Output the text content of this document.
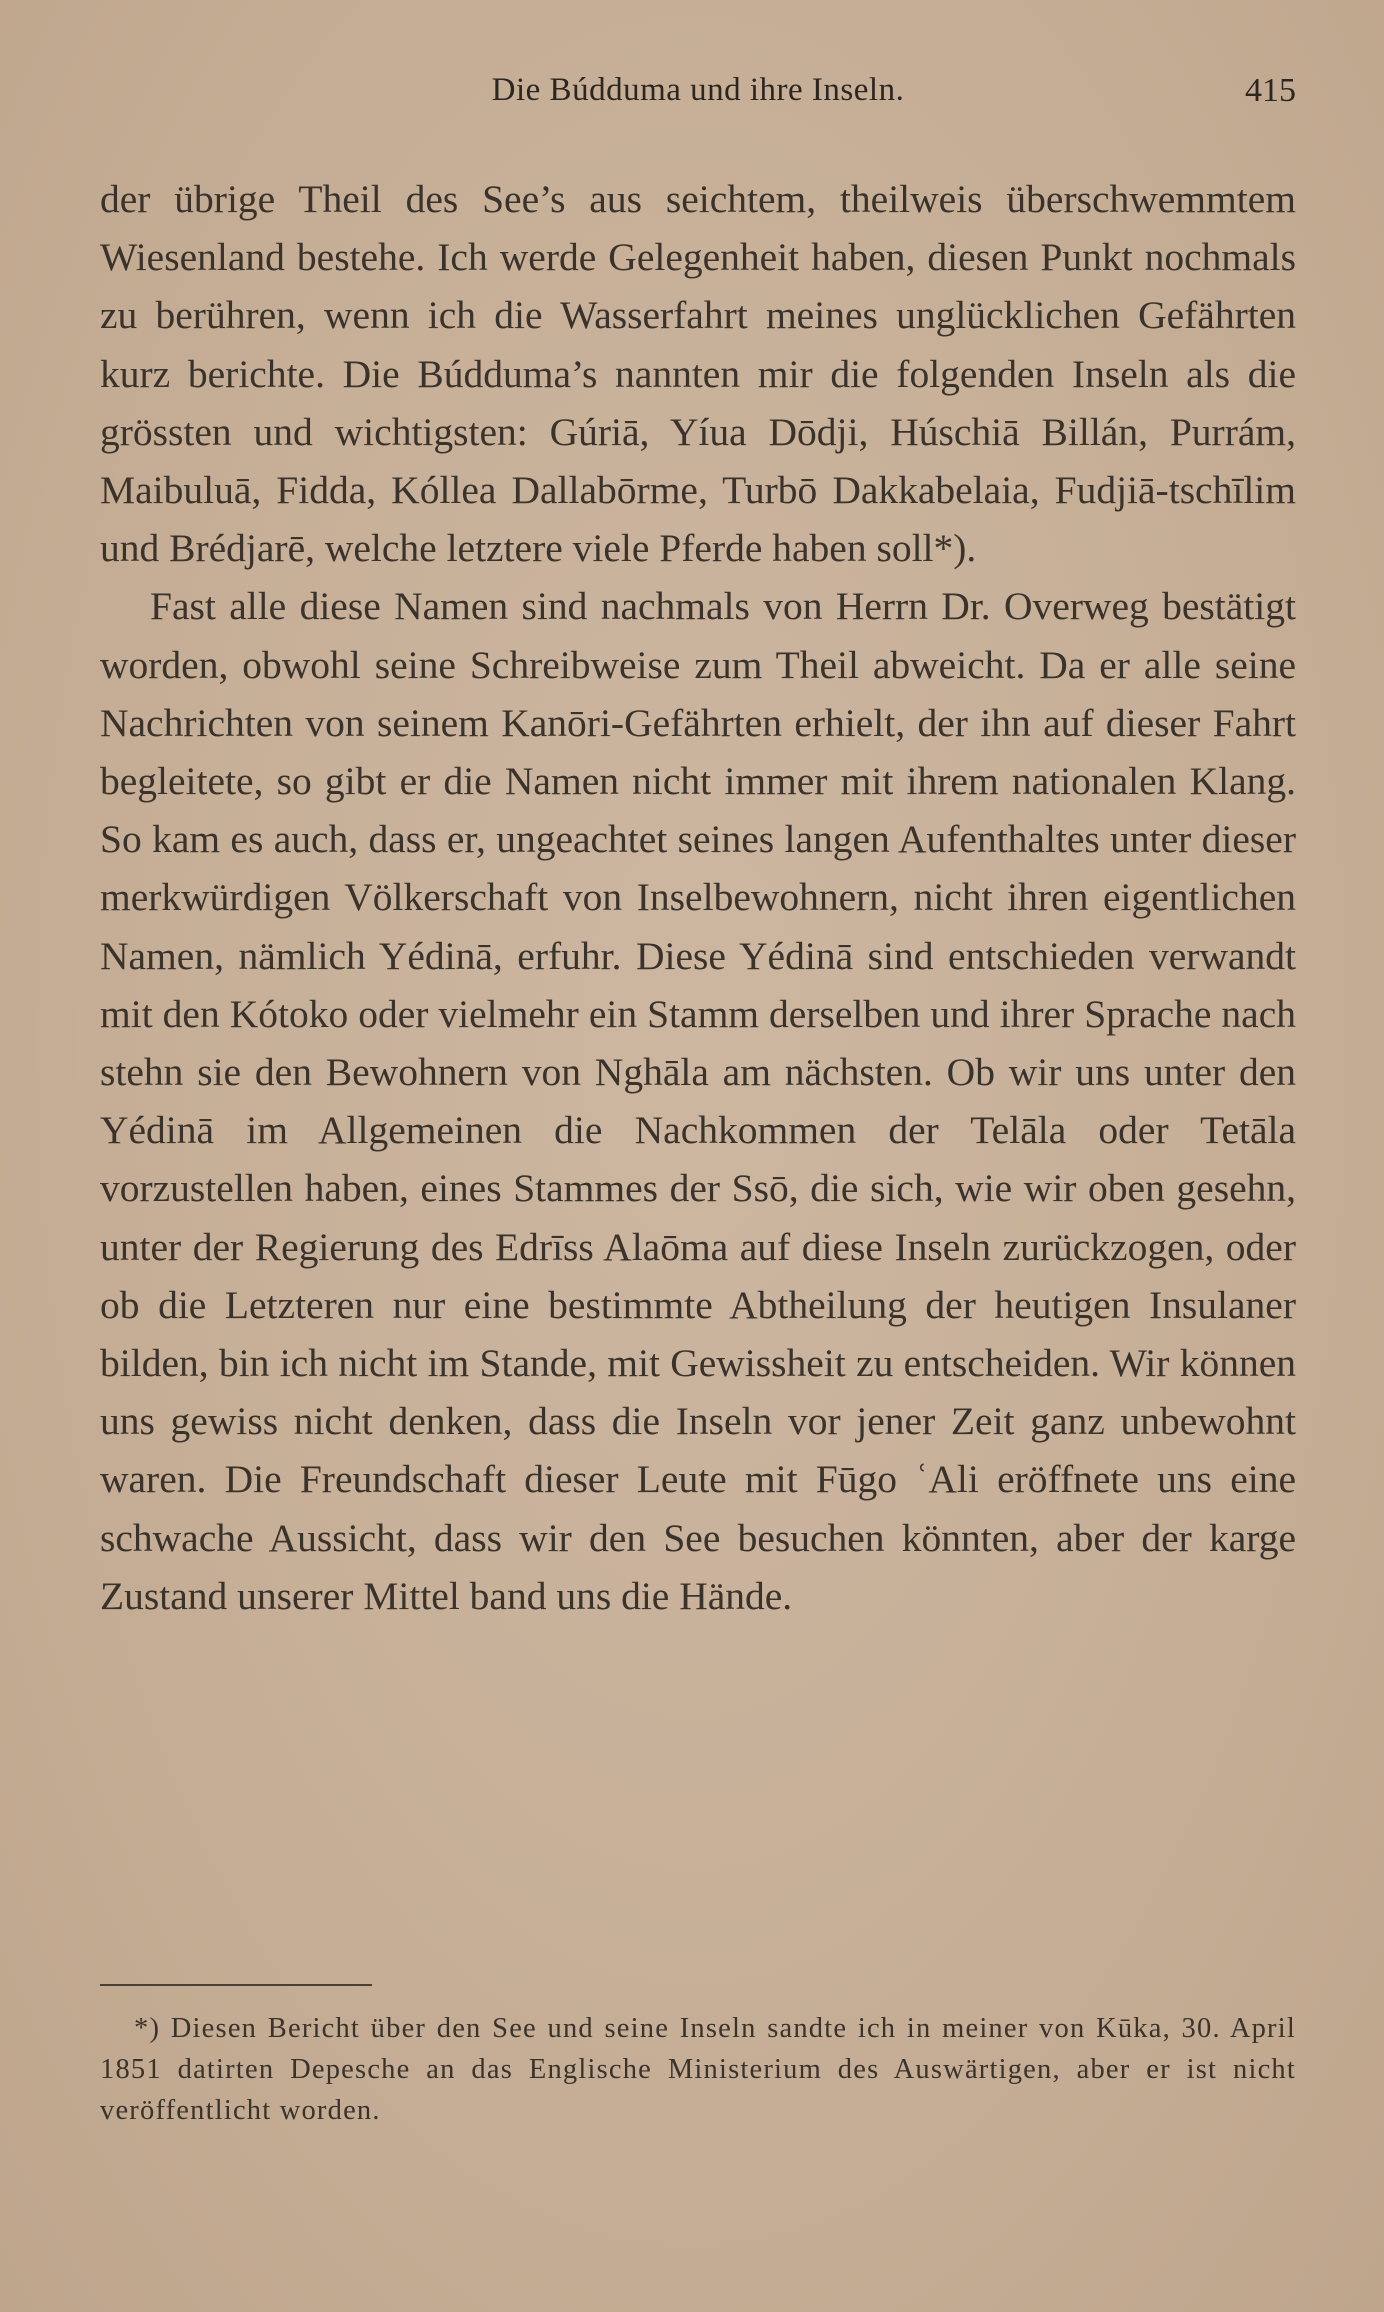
Die Búdduma und ihre Inseln.	415

der übrige Theil des See’s aus seichtem, theilweis überschwemmtem Wiesenland bestehe. Ich werde Gelegenheit haben, diesen Punkt nochmals zu berühren, wenn ich die Wasserfahrt meines unglücklichen Gefährten kurz berichte. Die Búdduma’s nannten mir die folgenden Inseln als die grössten und wichtigsten: Gúriā, Yíua Dōdji, Húschiā Billán, Purrám, Maibuluā, Fidda, Kóllea Dallabōrme, Turbō Dakkabelaia, Fudjiā-tschīlim und Brédjarē, welche letztere viele Pferde haben soll*).

Fast alle diese Namen sind nachmals von Herrn Dr. Overweg bestätigt worden, obwohl seine Schreibweise zum Theil abweicht. Da er alle seine Nachrichten von seinem Kanōri-Gefährten erhielt, der ihn auf dieser Fahrt begleitete, so gibt er die Namen nicht immer mit ihrem nationalen Klang. So kam es auch, dass er, ungeachtet seines langen Aufenthaltes unter dieser merkwürdigen Völkerschaft von Inselbewohnern, nicht ihren eigentlichen Namen, nämlich Yédinā, erfuhr. Diese Yédinā sind entschieden verwandt mit den Kótoko oder vielmehr ein Stamm derselben und ihrer Sprache nach stehn sie den Bewohnern von Nghāla am nächsten. Ob wir uns unter den Yédinā im Allgemeinen die Nachkommen der Telāla oder Tetāla vorzustellen haben, eines Stammes der Ssō, die sich, wie wir oben gesehn, unter der Regierung des Edrīss Alaōma auf diese Inseln zurückzogen, oder ob die Letzteren nur eine bestimmte Abtheilung der heutigen Insulaner bilden, bin ich nicht im Stande, mit Gewissheit zu entscheiden. Wir können uns gewiss nicht denken, dass die Inseln vor jener Zeit ganz unbewohnt waren. Die Freundschaft dieser Leute mit Fūgo ʿAli eröffnete uns eine schwache Aussicht, dass wir den See besuchen könnten, aber der karge Zustand unserer Mittel band uns die Hände.

*) Diesen Bericht über den See und seine Inseln sandte ich in meiner von Kūka, 30. April 1851 datirten Depesche an das Englische Ministerium des Auswärtigen, aber er ist nicht veröffentlicht worden.
